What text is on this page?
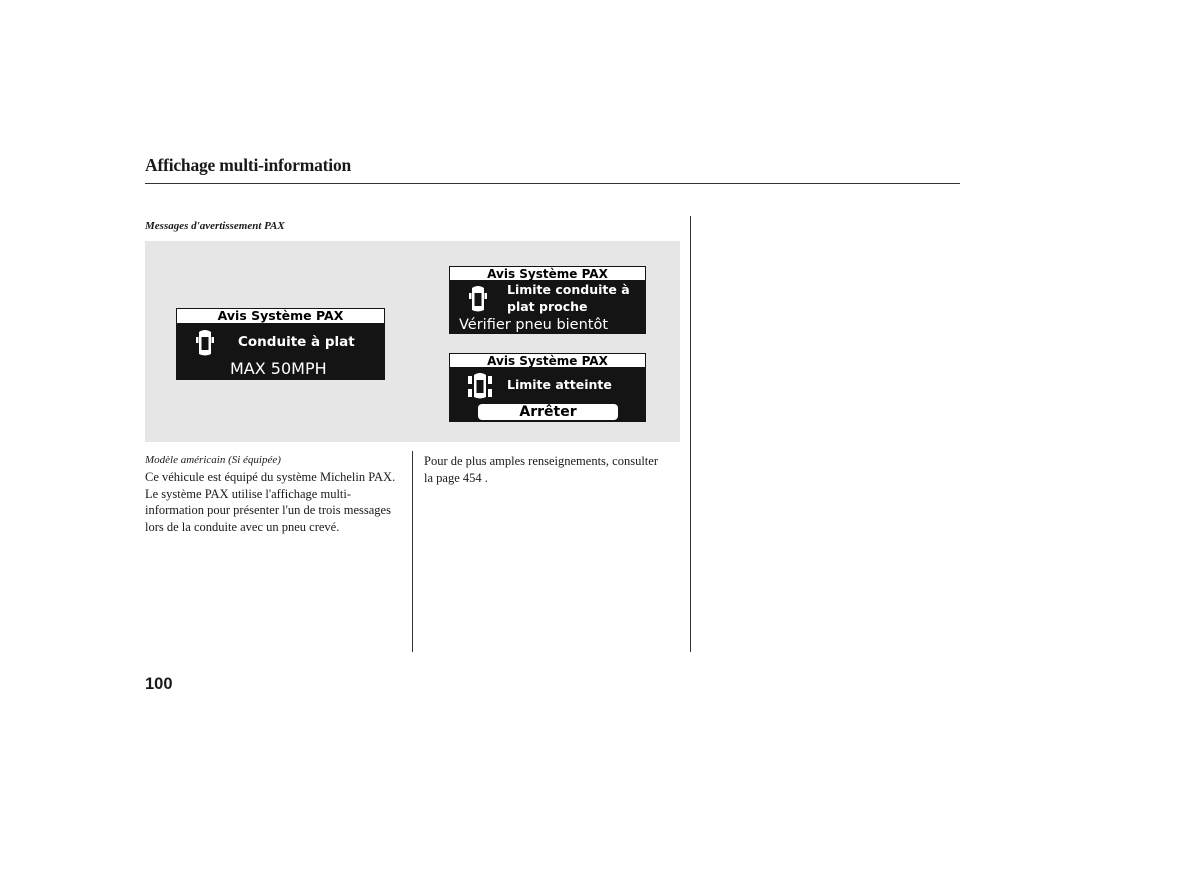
Affichage multi-information
Messages d'avertissement PAX
Avis Système PAX
Conduite à plat
MAX 50MPH
Avis Système PAX
Limite conduite à
plat proche
Vérifier pneu bientôt
Avis Système PAX
Limite atteinte
Arrêter
Modèle américain (Si équipée)

Ce véhicule est équipé du système Michelin PAX. Le système PAX utilise l'affichage multi-information pour présenter l'un de trois messages lors de la conduite avec un pneu crevé.

Pour de plus amples renseignements, consulter la page 454 .

100
